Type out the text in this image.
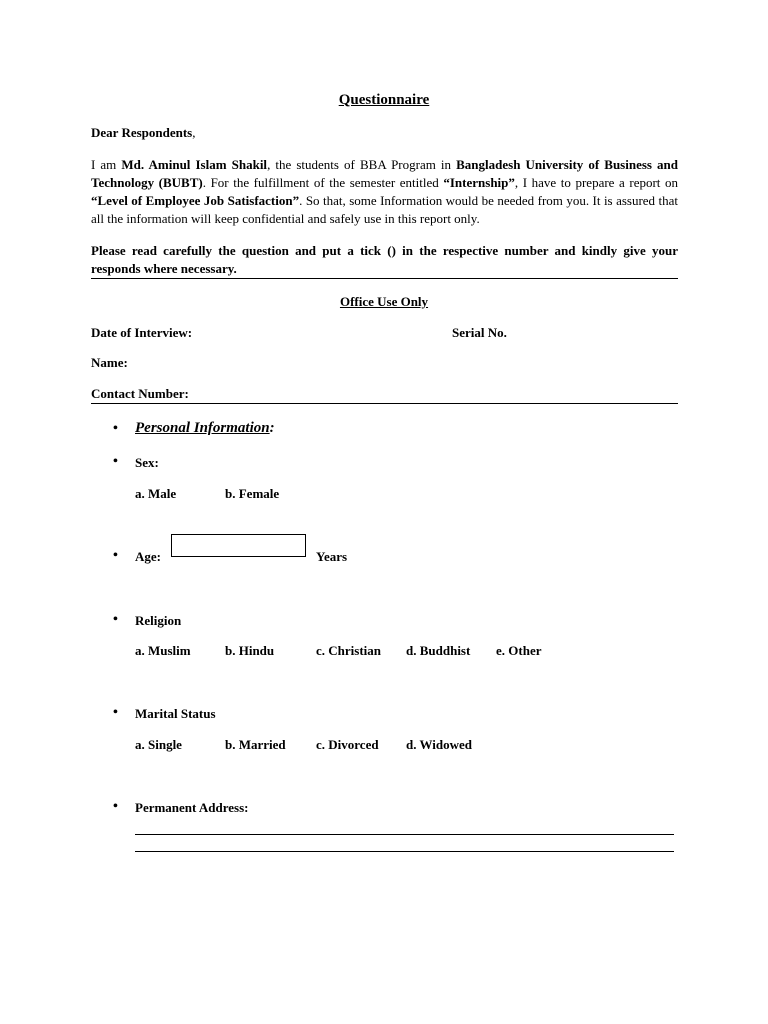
Questionnaire
Dear Respondents,
I am Md. Aminul Islam Shakil, the students of BBA Program in Bangladesh University of Business and Technology (BUBT). For the fulfillment of the semester entitled “Internship”, I have to prepare a report on “Level of Employee Job Satisfaction”. So that, some Information would be needed from you. It is assured that all the information will keep confidential and safely use in this report only.
Please read carefully the question and put a tick () in the respective number and kindly give your responds where necessary.
Office Use Only
Date of Interview:	Serial No.
Name:
Contact Number:
• Personal Information:
• Sex:
a. Male	b. Female
• Age:	Years
• Religion
a. Muslim	b. Hindu	c. Christian d. Buddhist e. Other
• Marital Status
a. Single	b. Married c. Divorced d. Widowed
• Permanent Address:
